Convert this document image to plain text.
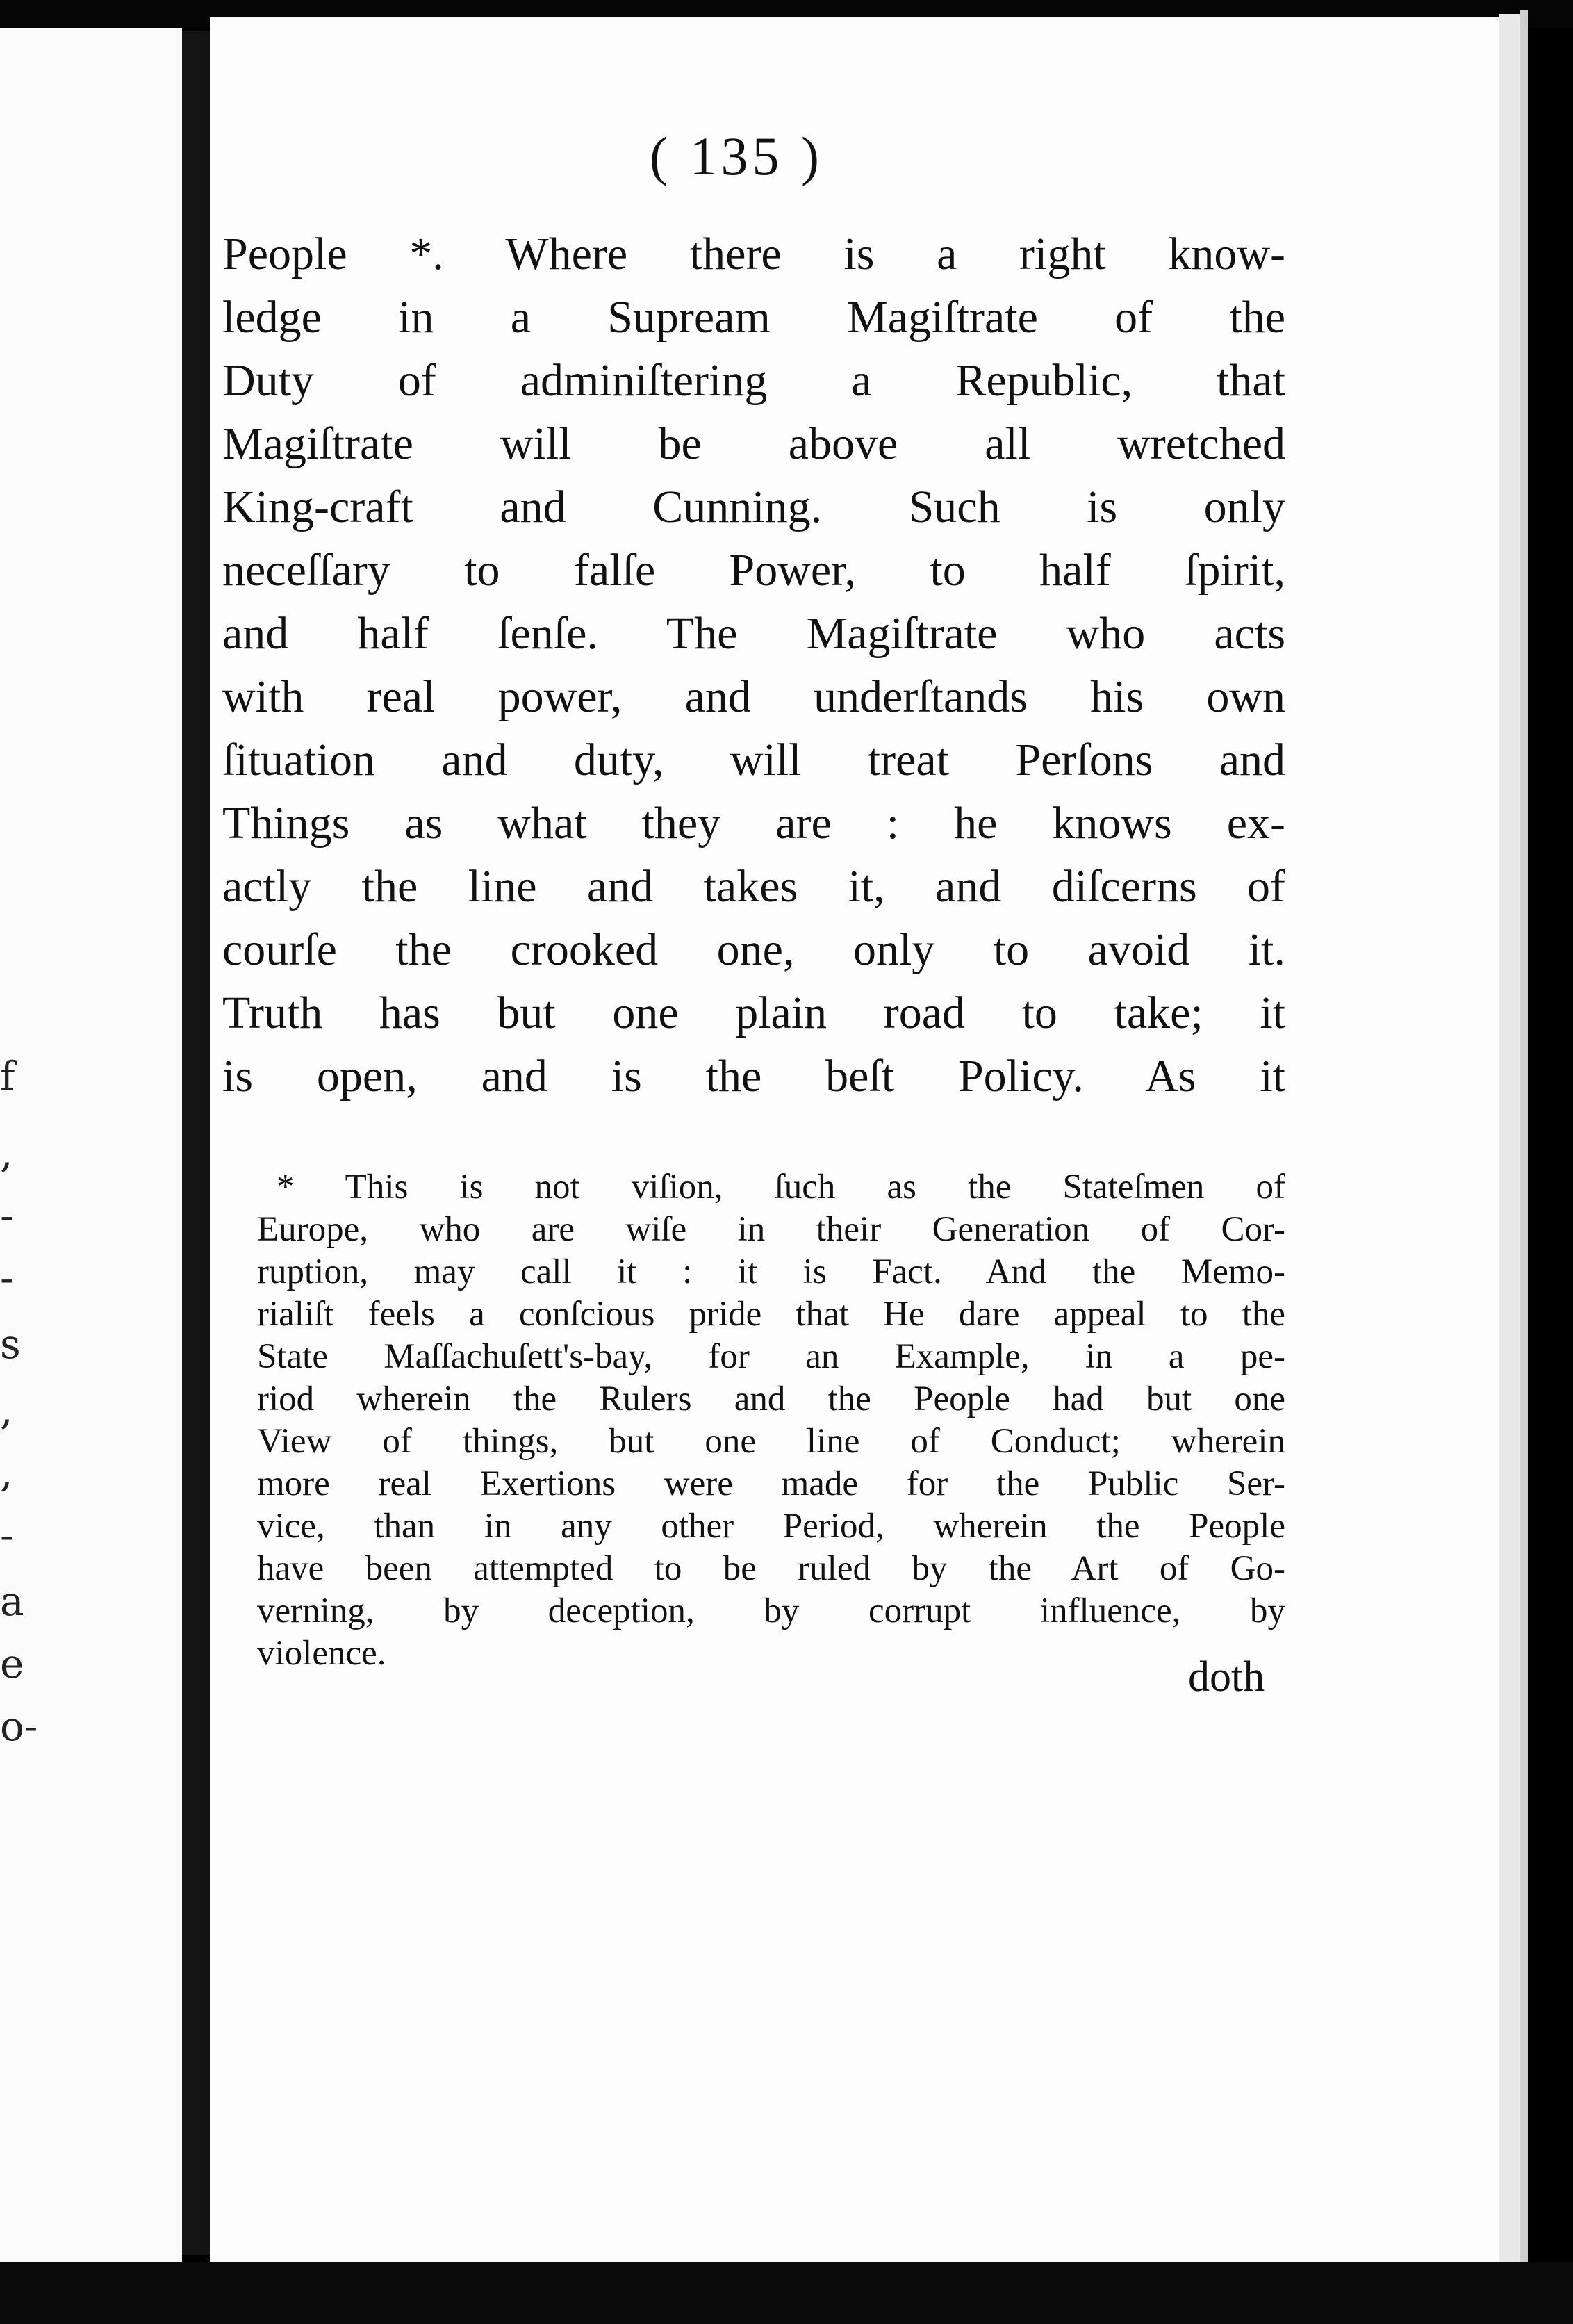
f
,
-
-
s
,
,
-
a
e
o-
( 135 )
People *. Where there is a right know-
ledge in a Supream Magiſtrate of the
Duty of adminiſtering a Republic, that
Magiſtrate will be above all wretched
King-craft and Cunning. Such is only
neceſſary to falſe Power, to half ſpirit,
and half ſenſe. The Magiſtrate who acts
with real power, and underſtands his own
ſituation and duty, will treat Perſons and
Things as what they are : he knows ex-
actly the line and takes it, and diſcerns of
courſe the crooked one, only to avoid it.
Truth has but one plain road to take; it
is open, and is the beſt Policy. As it
* This is not viſion, ſuch as the Stateſmen of
Europe, who are wiſe in their Generation of Cor-
ruption, may call it : it is Fact. And the Memo-
rialiſt feels a conſcious pride that He dare appeal to the
State Maſſachuſett's-bay, for an Example, in a pe-
riod wherein the Rulers and the People had but one
View of things, but one line of Conduct; wherein
more real Exertions were made for the Public Ser-
vice, than in any other Period, wherein the People
have been attempted to be ruled by the Art of Go-
verning, by deception, by corrupt influence, by
violence.	doth
